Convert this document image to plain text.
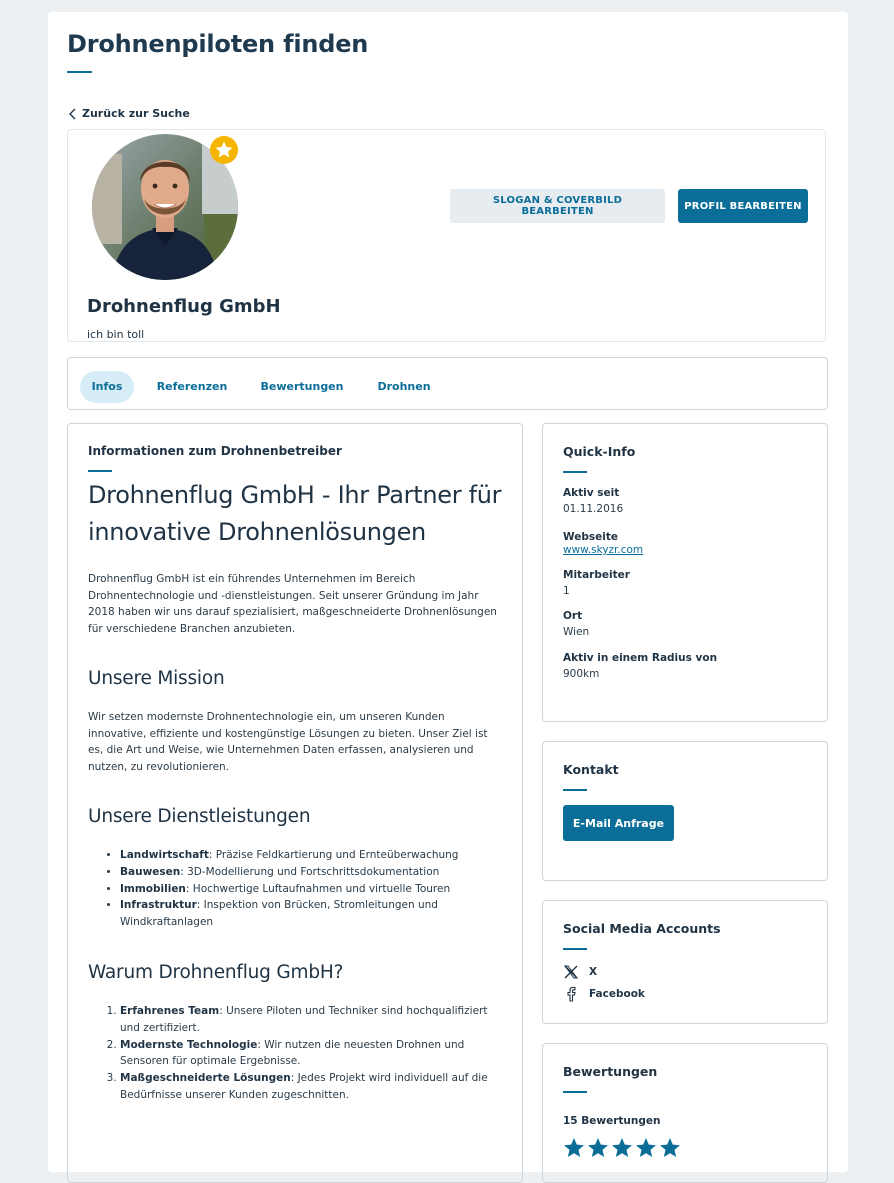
Drohnenpiloten finden
Zurück zur Suche
SLOGAN & COVERBILD BEARBEITEN	PROFIL BEARBEITEN
Drohnenflug GmbH
ich bin toll
Infos	Referenzen	Bewertungen	Drohnen
Informationen zum Drohnenbetreiber
Drohnenflug GmbH - Ihr Partner für innovative Drohnenlösungen

Drohnenflug GmbH ist ein führendes Unternehmen im Bereich Drohnentechnologie und -dienstleistungen. Seit unserer Gründung im Jahr 2018 haben wir uns darauf spezialisiert, maßgeschneiderte Drohnenlösungen für verschiedene Branchen anzubieten.

Unsere Mission

Wir setzen modernste Drohnentechnologie ein, um unseren Kunden innovative, effiziente und kostengünstige Lösungen zu bieten. Unser Ziel ist es, die Art und Weise, wie Unternehmen Daten erfassen, analysieren und nutzen, zu revolutionieren.

Unsere Dienstleistungen
• Landwirtschaft: Präzise Feldkartierung und Ernteüberwachung
• Bauwesen: 3D-Modellierung und Fortschrittsdokumentation
• Immobilien: Hochwertige Luftaufnahmen und virtuelle Touren
• Infrastruktur: Inspektion von Brücken, Stromleitungen und Windkraftanlagen
Warum Drohnenflug GmbH?
1. Erfahrenes Team: Unsere Piloten und Techniker sind hochqualifiziert und zertifiziert.
2. Modernste Technologie: Wir nutzen die neuesten Drohnen und Sensoren für optimale Ergebnisse.
3. Maßgeschneiderte Lösungen: Jedes Projekt wird individuell auf die Bedürfnisse unserer Kunden zugeschnitten.
Quick-Info
Aktiv seit
01.11.2016
Webseite
www.skyzr.com
Mitarbeiter
1
Ort
Wien
Aktiv in einem Radius von
900km
Kontakt
E-Mail Anfrage
Social Media Accounts
X
Facebook
Bewertungen
15 Bewertungen
